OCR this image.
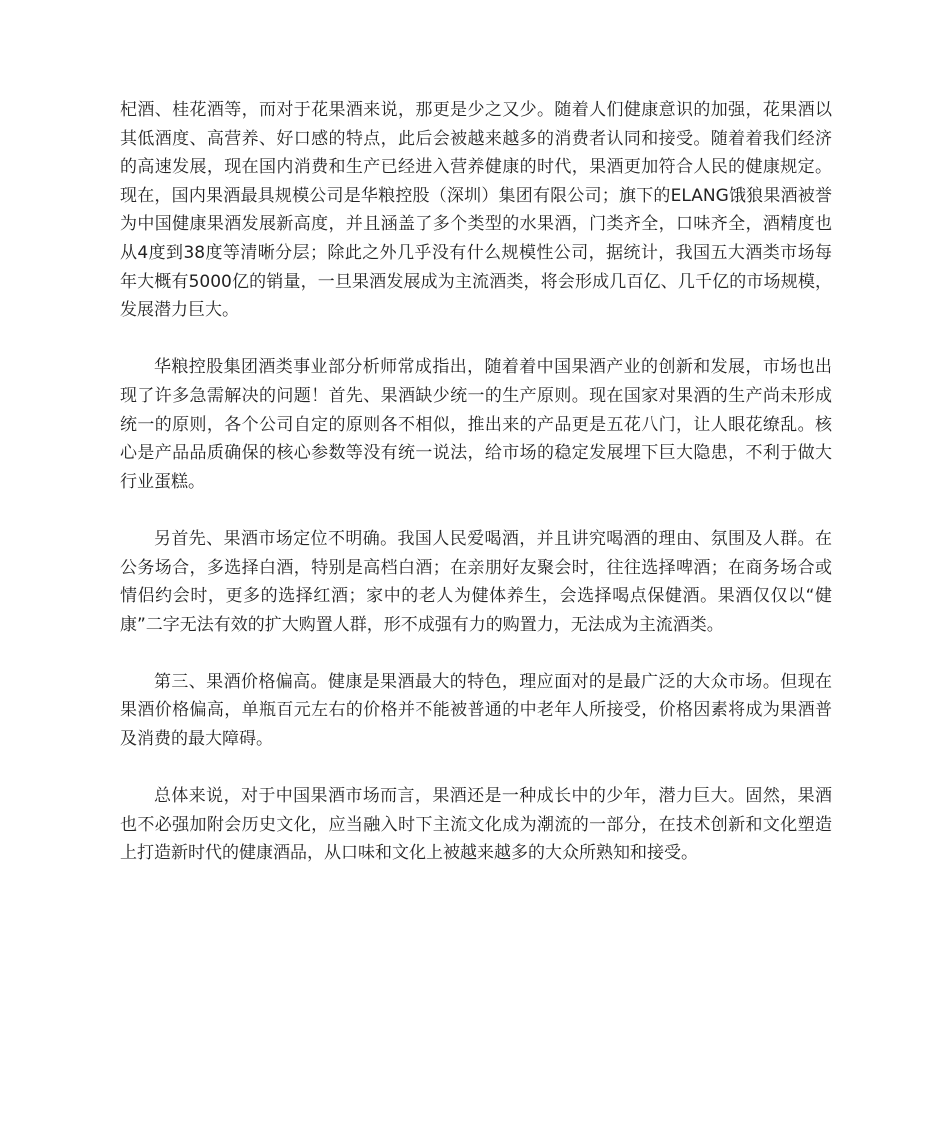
杞酒、桂花酒等，而对于花果酒来说，那更是少之又少。随着人们健康意识的加强，花果酒以其低酒度、高营养、好口感的特点，此后会被越来越多的消费者认同和接受。随着着我们经济的高速发展，现在国内消费和生产已经进入营养健康的时代，果酒更加符合人民的健康规定。现在，国内果酒最具规模公司是华粮控股（深圳）集团有限公司；旗下的ELANG饿狼果酒被誉为中国健康果酒发展新高度，并且涵盖了多个类型的水果酒，门类齐全，口味齐全，酒精度也从4度到38度等清晰分层；除此之外几乎没有什么规模性公司，据统计，我国五大酒类市场每年大概有5000亿的销量，一旦果酒发展成为主流酒类，将会形成几百亿、几千亿的市场规模，发展潜力巨大。

华粮控股集团酒类事业部分析师常成指出，随着着中国果酒产业的创新和发展，市场也出现了许多急需解决的问题！首先、果酒缺少统一的生产原则。现在国家对果酒的生产尚未形成统一的原则，各个公司自定的原则各不相似，推出来的产品更是五花八门，让人眼花缭乱。核心是产品品质确保的核心参数等没有统一说法，给市场的稳定发展埋下巨大隐患，不利于做大行业蛋糕。

另首先、果酒市场定位不明确。我国人民爱喝酒，并且讲究喝酒的理由、氛围及人群。在公务场合，多选择白酒，特别是高档白酒；在亲朋好友聚会时，往往选择啤酒；在商务场合或情侣约会时，更多的选择红酒；家中的老人为健体养生，会选择喝点保健酒。果酒仅仅以“健康”二字无法有效的扩大购置人群，形不成强有力的购置力，无法成为主流酒类。

第三、果酒价格偏高。健康是果酒最大的特色，理应面对的是最广泛的大众市场。但现在果酒价格偏高，单瓶百元左右的价格并不能被普通的中老年人所接受，价格因素将成为果酒普及消费的最大障碍。

总体来说，对于中国果酒市场而言，果酒还是一种成长中的少年，潜力巨大。固然，果酒也不必强加附会历史文化，应当融入时下主流文化成为潮流的一部分，在技术创新和文化塑造上打造新时代的健康酒品，从口味和文化上被越来越多的大众所熟知和接受。
